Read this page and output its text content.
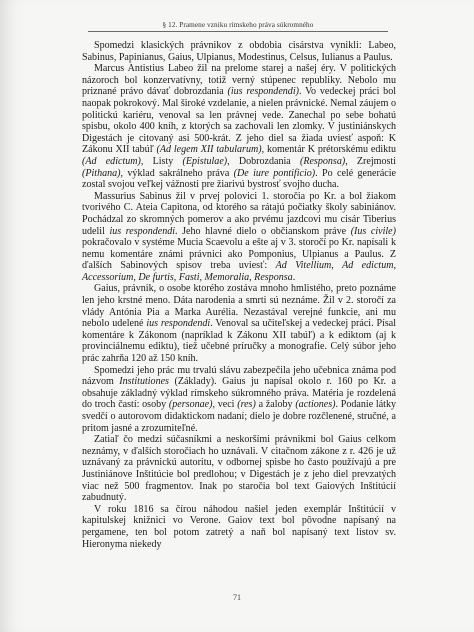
§ 12. Pramene vzniku rímskeho práva súkromného

Spomedzi klasických právnikov z obdobia cisárstva vynikli: Labeo, Sabinus, Papinianus, Gaius, Ulpianus, Modestinus, Celsus, Iulianus a Paulus.

Marcus Antistius Labeo žil na prelome starej a našej éry. V politických názoroch bol konzervatívny, totiž verný stúpenec republiky. Nebolo mu priznané právo dávať dobrozdania (ius respondendi). Vo vedeckej práci bol naopak pokrokový. Mal široké vzdelanie, a nielen právnické. Nemal záujem o politickú kariéru, venoval sa len právnej vede. Zanechal po sebe bohatú spisbu, okolo 400 kníh, z ktorých sa zachovali len zlomky. V justiniánskych Digestách je citovaný asi 500-krát. Z jeho diel sa žiada uviesť aspoň: K Zákonu XII tabúľ (Ad legem XII tabularum), komentár K prétorskému ediktu (Ad edictum), Listy (Epistulae), Dobrozdania (Responsa), Zrejmosti (Pithana), výklad sakrálneho práva (De iure pontificio). Po celé generácie zostal svojou veľkej vážnosti pre žiarivú bystrosť svojho ducha.

Massurius Sabinus žil v prvej polovici 1. storočia po Kr. a bol žiakom tvorivého C. Ateia Capitona, od ktorého sa rátajú počiatky školy sabiniánov. Pochádzal zo skromných pomerov a ako prvému jazdcovi mu cisár Tiberius udelil ius respondendi. Jeho hlavné dielo o občianskom práve (Ius civile) pokračovalo v systéme Mucia Scaevolu a ešte aj v 3. storočí po Kr. napísali k nemu komentáre známi právnici ako Pomponius, Ulpianus a Paulus. Z ďalších Sabinových spisov treba uviesť: Ad Vitellium, Ad edictum, Accessorium, De furtis, Fasti, Memoralia, Responsa.

Gaius, právnik, o osobe ktorého zostáva mnoho hmlistého, preto poznáme len jeho krstné meno. Dáta narodenia a smrti sú neznáme. Žil v 2. storočí za vlády Antónia Pia a Marka Aurélia. Nezastával verejné funkcie, ani mu nebolo udelené ius respondendi. Venoval sa učiteľskej a vedeckej práci. Písal komentáre k Zákonom (napríklad k Zákonu XII tabúľ) a k ediktom (aj k provinciálnemu ediktu), tiež učebné príručky a monografie. Celý súbor jeho prác zahrňa 120 až 150 kníh.

Spomedzi jeho prác mu trvalú slávu zabezpečila jeho učebnica známa pod názvom Institutiones (Základy). Gaius ju napísal okolo r. 160 po Kr. a obsahuje základný výklad rímskeho súkromného práva. Matéria je rozdelená do troch častí: osoby (personae), veci (res) a žaloby (actiones). Podanie látky svedčí o autorovom didaktickom nadaní; dielo je dobre rozčlenené, stručné, a pritom jasné a zrozumiteľné.

Zatiaľ čo medzi súčasníkmi a neskoršími právnikmi bol Gaius celkom neznámy, v ďalších storočiach ho uznávali. V citačnom zákone z r. 426 je už uznávaný za právnickú autoritu, v odbornej spisbe ho často používajú a pre Justiniánove Inštitúcie bol predlohou; v Digestách je z jeho diel prevzatých viac než 500 fragmentov. Inak po staročia bol text Gaiových Inštitúcií zabudnutý.

V roku 1816 sa čírou náhodou našiel jeden exemplár Inštitúcií v kapitulskej knižnici vo Verone. Gaiov text bol pôvodne napísaný na pergamene, ten bol potom zatretý a naň bol napísaný text listov sv. Hieronyma niekedy

71
